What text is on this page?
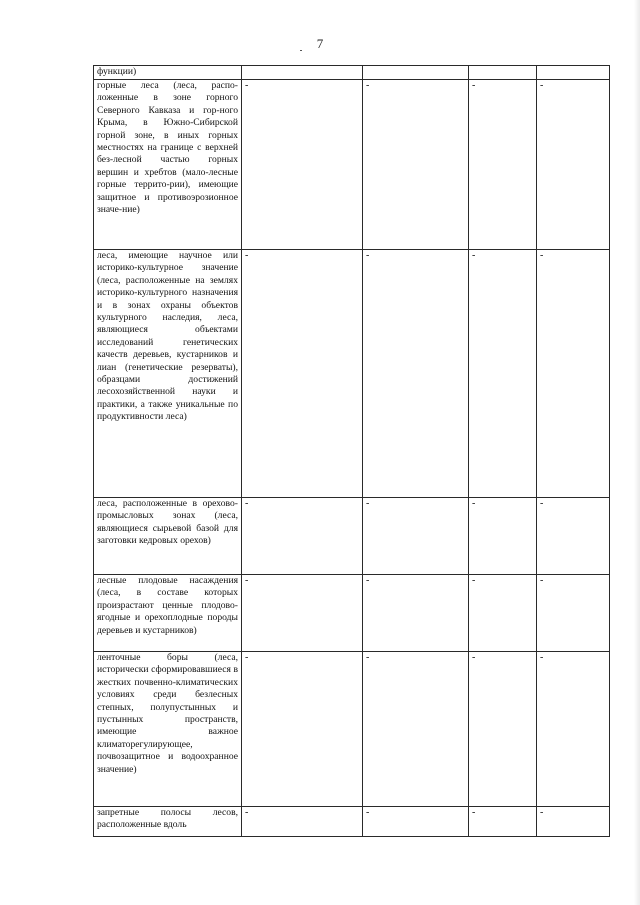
7
функции)				
горные леса (леса, распо-ложенные в зоне горного Северного Кавказа и гор-ного Крыма, в Южно-Сибирской горной зоне, в иных горных местностях на границе с верхней без-лесной частью горных вершин и хребтов (мало-лесные горные террито-рии), имеющие защитное и противоэрозионное значе-ние)	-	-	-	-
леса, имеющие научное или историко-культурное значение (леса, расположенные на землях историко-культурного назначения и в зонах охраны объектов культурного наследия, леса, являющиеся объектами исследований генетических качеств деревьев, кустарников и лиан (генетические резерваты), образцами достижений лесохозяйственной науки и практики, а также уникальные по продуктивности леса)	-	-	-	-
леса, расположенные в орехово-промысловых зонах (леса, являющиеся сырьевой базой для заготовки кедровых орехов)	-	-	-	-
лесные плодовые насаждения (леса, в составе которых произрастают ценные плодово-ягодные и орехоплодные породы деревьев и кустарников)	-	-	-	-
ленточные боры (леса, исторически сформировавшиеся в жестких почвенно-климатических условиях среди безлесных степных, полупустынных и пустынных пространств, имеющие важное климаторегулирующее, почвозащитное и водоохранное значение)	-	-	-	-
запретные полосы лесов, расположенные вдоль	-	-	-	-
